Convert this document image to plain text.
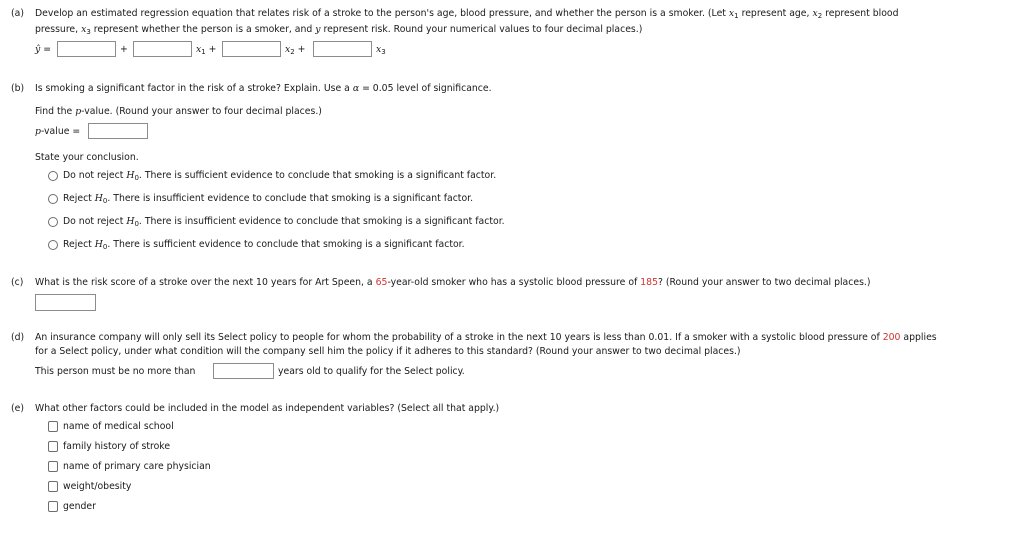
(a) Develop an estimated regression equation that relates risk of a stroke to the person's age, blood pressure, and whether the person is a smoker. (Let $x_1$ represent age, $x_2$ represent blood
pressure, $x_3$ represent whether the person is a smoker, and y represent risk. Round your numerical values to four decimal places.)
ŷ =	+	$x_1$ +	$x_2$ +	$x_3$
(b) Is smoking a significant factor in the risk of a stroke? Explain. Use a α = 0.05 level of significance.
Find the p-value. (Round your answer to four decimal places.)
p-value =
State your conclusion.
Do not reject $H_0$. There is sufficient evidence to conclude that smoking is a significant factor.
Reject $H_0$. There is insufficient evidence to conclude that smoking is a significant factor.
Do not reject $H_0$. There is insufficient evidence to conclude that smoking is a significant factor.
Reject $H_0$. There is sufficient evidence to conclude that smoking is a significant factor.
(c) What is the risk score of a stroke over the next 10 years for Art Speen, a 65-year-old smoker who has a systolic blood pressure of 185? (Round your answer to two decimal places.)
(d) An insurance company will only sell its Select policy to people for whom the probability of a stroke in the next 10 years is less than 0.01. If a smoker with a systolic blood pressure of 200 applies
for a Select policy, under what condition will the company sell him the policy if it adheres to this standard? (Round your answer to two decimal places.)
This person must be no more than	years old to qualify for the Select policy.
(e) What other factors could be included in the model as independent variables? (Select all that apply.)
name of medical school
family history of stroke
name of primary care physician
weight/obesity
gender
